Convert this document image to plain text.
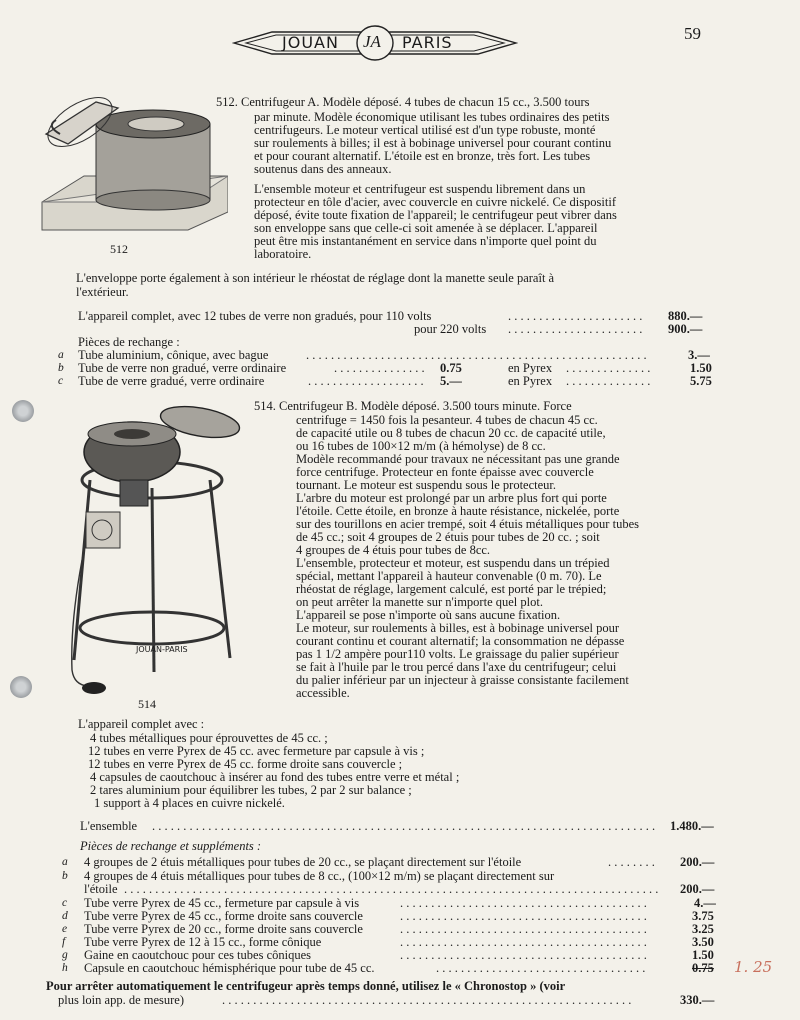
JOUAN JA PARIS	59
512
512. Centrifugeur A. Modèle déposé. 4 tubes de chacun 15 cc., 3.500 tours
par minute. Modèle économique utilisant les tubes ordinaires des petits
centrifugeurs. Le moteur vertical utilisé est d'un type robuste, monté
sur roulements à billes; il est à bobinage universel pour courant continu
et pour courant alternatif. L'étoile est en bronze, très fort. Les tubes
soutenus dans des anneaux.
L'ensemble moteur et centrifugeur est suspendu librement dans un
protecteur en tôle d'acier, avec couvercle en cuivre nickelé. Ce dispositif
déposé, évite toute fixation de l'appareil; le centrifugeur peut vibrer dans
son enveloppe sans que celle-ci soit amenée à se déplacer. L'appareil
peut être mis instantanément en service dans n'importe quel point du
laboratoire.
L'enveloppe porte également à son intérieur le rhéostat de réglage dont la manette seule paraît à
l'extérieur.
L'appareil complet, avec 12 tubes de verre non gradués, pour 110 volts	. . . . . . . . . . . . . . . . . . . . . .	880.—
pour 220 volts . . . . . . . . . . . . . . . . . . . . . .	900.—
Pièces de rechange :
a Tube aluminium, cônique, avec bague	. . . . . . . . . . . . . . . . . . . . . . . . . . . . . . . . . . . . . . . . . . . . . . . . . . . . . . .	3.—
b Tube de verre non gradué, verre ordinaire	. . . . . . . . . . . . . . .	0.75	en Pyrex . . . . . . . . . . . . . .	1.50
c Tube de verre gradué, verre ordinaire	. . . . . . . . . . . . . . . . . . .	5.—	en Pyrex . . . . . . . . . . . . . .	5.75
JOUAN-PARIS
514
514. Centrifugeur B. Modèle déposé. 3.500 tours minute. Force
centrifuge = 1450 fois la pesanteur. 4 tubes de chacun 45 cc.
de capacité utile ou 8 tubes de chacun 20 cc. de capacité utile,
ou 16 tubes de 100×12 m/m (à hémolyse) de 8 cc.
Modèle recommandé pour travaux ne nécessitant pas une grande
force centrifuge. Protecteur en fonte épaisse avec couvercle
tournant. Le moteur est suspendu sous le protecteur.
L'arbre du moteur est prolongé par un arbre plus fort qui porte
l'étoile. Cette étoile, en bronze à haute résistance, nickelée, porte
sur des tourillons en acier trempé, soit 4 étuis métalliques pour tubes
de 45 cc.; soit 4 groupes de 2 étuis pour tubes de 20 cc. ; soit
4 groupes de 4 étuis pour tubes de 8cc.
L'ensemble, protecteur et moteur, est suspendu dans un trépied
spécial, mettant l'appareil à hauteur convenable (0 m. 70). Le
rhéostat de réglage, largement calculé, est porté par le trépied;
on peut arrêter la manette sur n'importe quel plot.
L'appareil se pose n'importe où sans aucune fixation.
Le moteur, sur roulements à billes, est à bobinage universel pour
courant continu et courant alternatif; la consommation ne dépasse
pas 1 1/2 ampère pour110 volts. Le graissage du palier supérieur
se fait à l'huile par le trou percé dans l'axe du centrifugeur; celui
du palier inférieur par un injecteur à graisse consistante facilement
accessible.
L'appareil complet avec :
4 tubes métalliques pour éprouvettes de 45 cc. ;
12 tubes en verre Pyrex de 45 cc. avec fermeture par capsule à vis ;
12 tubes en verre Pyrex de 45 cc. forme droite sans couvercle ;
4 capsules de caoutchouc à insérer au fond des tubes entre verre et métal ;
2 tares aluminium pour équilibrer les tubes, 2 par 2 sur balance ;
1 support à 4 places en cuivre nickelé.
L'ensemble . . . . . . . . . . . . . . . . . . . . . . . . . . . . . . . . . . . . . . . . . . . . . . . . . . . . . . . . . . . . . . . . . . . . . . . . . . . . . . . . .	1.480.—
Pièces de rechange et suppléments :
a 4 groupes de 2 étuis métalliques pour tubes de 20 cc., se plaçant directement sur l'étoile	. . . . . . . .	200.—
b 4 groupes de 4 étuis métalliques pour tubes de 8 cc., (100×12 m/m) se plaçant directement sur
l'étoile . . . . . . . . . . . . . . . . . . . . . . . . . . . . . . . . . . . . . . . . . . . . . . . . . . . . . . . . . . . . . . . . . . . . . . . . . . . . . . . . . . . . . . 200.—
c Tube verre Pyrex de 45 cc., fermeture par capsule à vis	. . . . . . . . . . . . . . . . . . . . . . . . . . . . . . . . . . . . . . . .	4.—
d Tube verre Pyrex de 45 cc., forme droite sans couvercle	. . . . . . . . . . . . . . . . . . . . . . . . . . . . . . . . . . . . . . . .	3.75
e Tube verre Pyrex de 20 cc., forme droite sans couvercle	. . . . . . . . . . . . . . . . . . . . . . . . . . . . . . . . . . . . . . . .	3.25
f Tube verre Pyrex de 12 à 15 cc., forme cônique	. . . . . . . . . . . . . . . . . . . . . . . . . . . . . . . . . . . . . . . .	3.50
g Gaine en caoutchouc pour ces tubes côniques	. . . . . . . . . . . . . . . . . . . . . . . . . . . . . . . . . . . . . . . .	1.50
h Capsule en caoutchouc hémisphérique pour tube de 45 cc.	. . . . . . . . . . . . . . . . . . . . . . . . . . . . . . . . . .	0.75 1. 25
Pour arrêter automatiquement le centrifugeur après temps donné, utilisez le « Chronostop » (voir
plus loin app. de mesure)	. . . . . . . . . . . . . . . . . . . . . . . . . . . . . . . . . . . . . . . . . . . . . . . . . . . . . . . . . . . . . . . . . .	330.—
